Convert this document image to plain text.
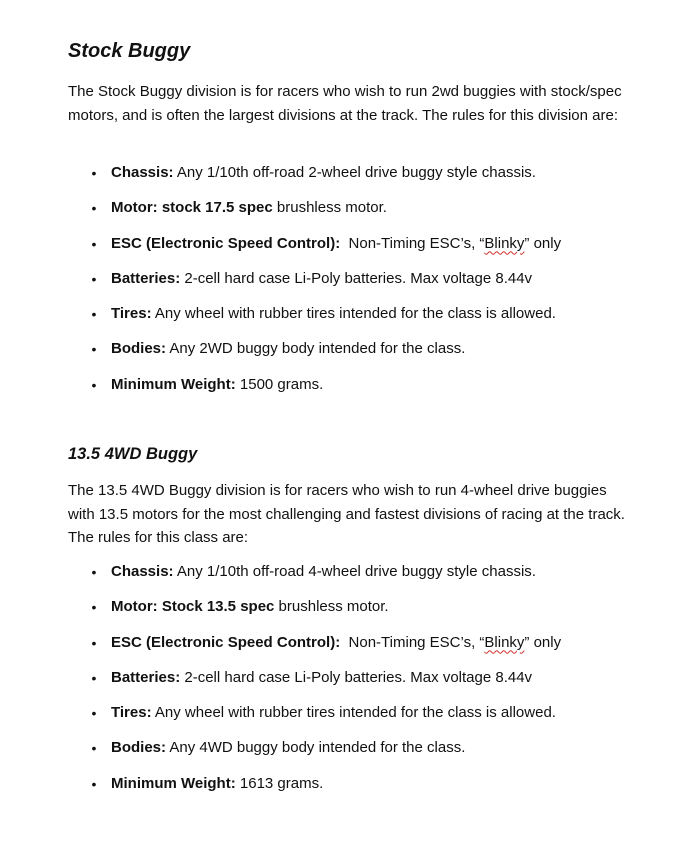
Stock Buggy

The Stock Buggy division is for racers who wish to run 2wd buggies with stock/spec motors, and is often the largest divisions at the track. The rules for this division are:

• Chassis: Any 1/10th off-road 2-wheel drive buggy style chassis.
• Motor: stock 17.5 spec brushless motor.
• ESC (Electronic Speed Control):  Non-Timing ESC’s, “Blinky” only
• Batteries: 2-cell hard case Li-Poly batteries. Max voltage 8.44v
• Tires: Any wheel with rubber tires intended for the class is allowed.
• Bodies: Any 2WD buggy body intended for the class.
• Minimum Weight: 1500 grams.
13.5 4WD Buggy

The 13.5 4WD Buggy division is for racers who wish to run 4-wheel drive buggies with 13.5 motors for the most challenging and fastest divisions of racing at the track. The rules for this class are:

• Chassis: Any 1/10th off-road 4-wheel drive buggy style chassis.
• Motor: Stock 13.5 spec brushless motor.
• ESC (Electronic Speed Control):  Non-Timing ESC’s, “Blinky” only
• Batteries: 2-cell hard case Li-Poly batteries. Max voltage 8.44v
• Tires: Any wheel with rubber tires intended for the class is allowed.
• Bodies: Any 4WD buggy body intended for the class.
• Minimum Weight: 1613 grams.
